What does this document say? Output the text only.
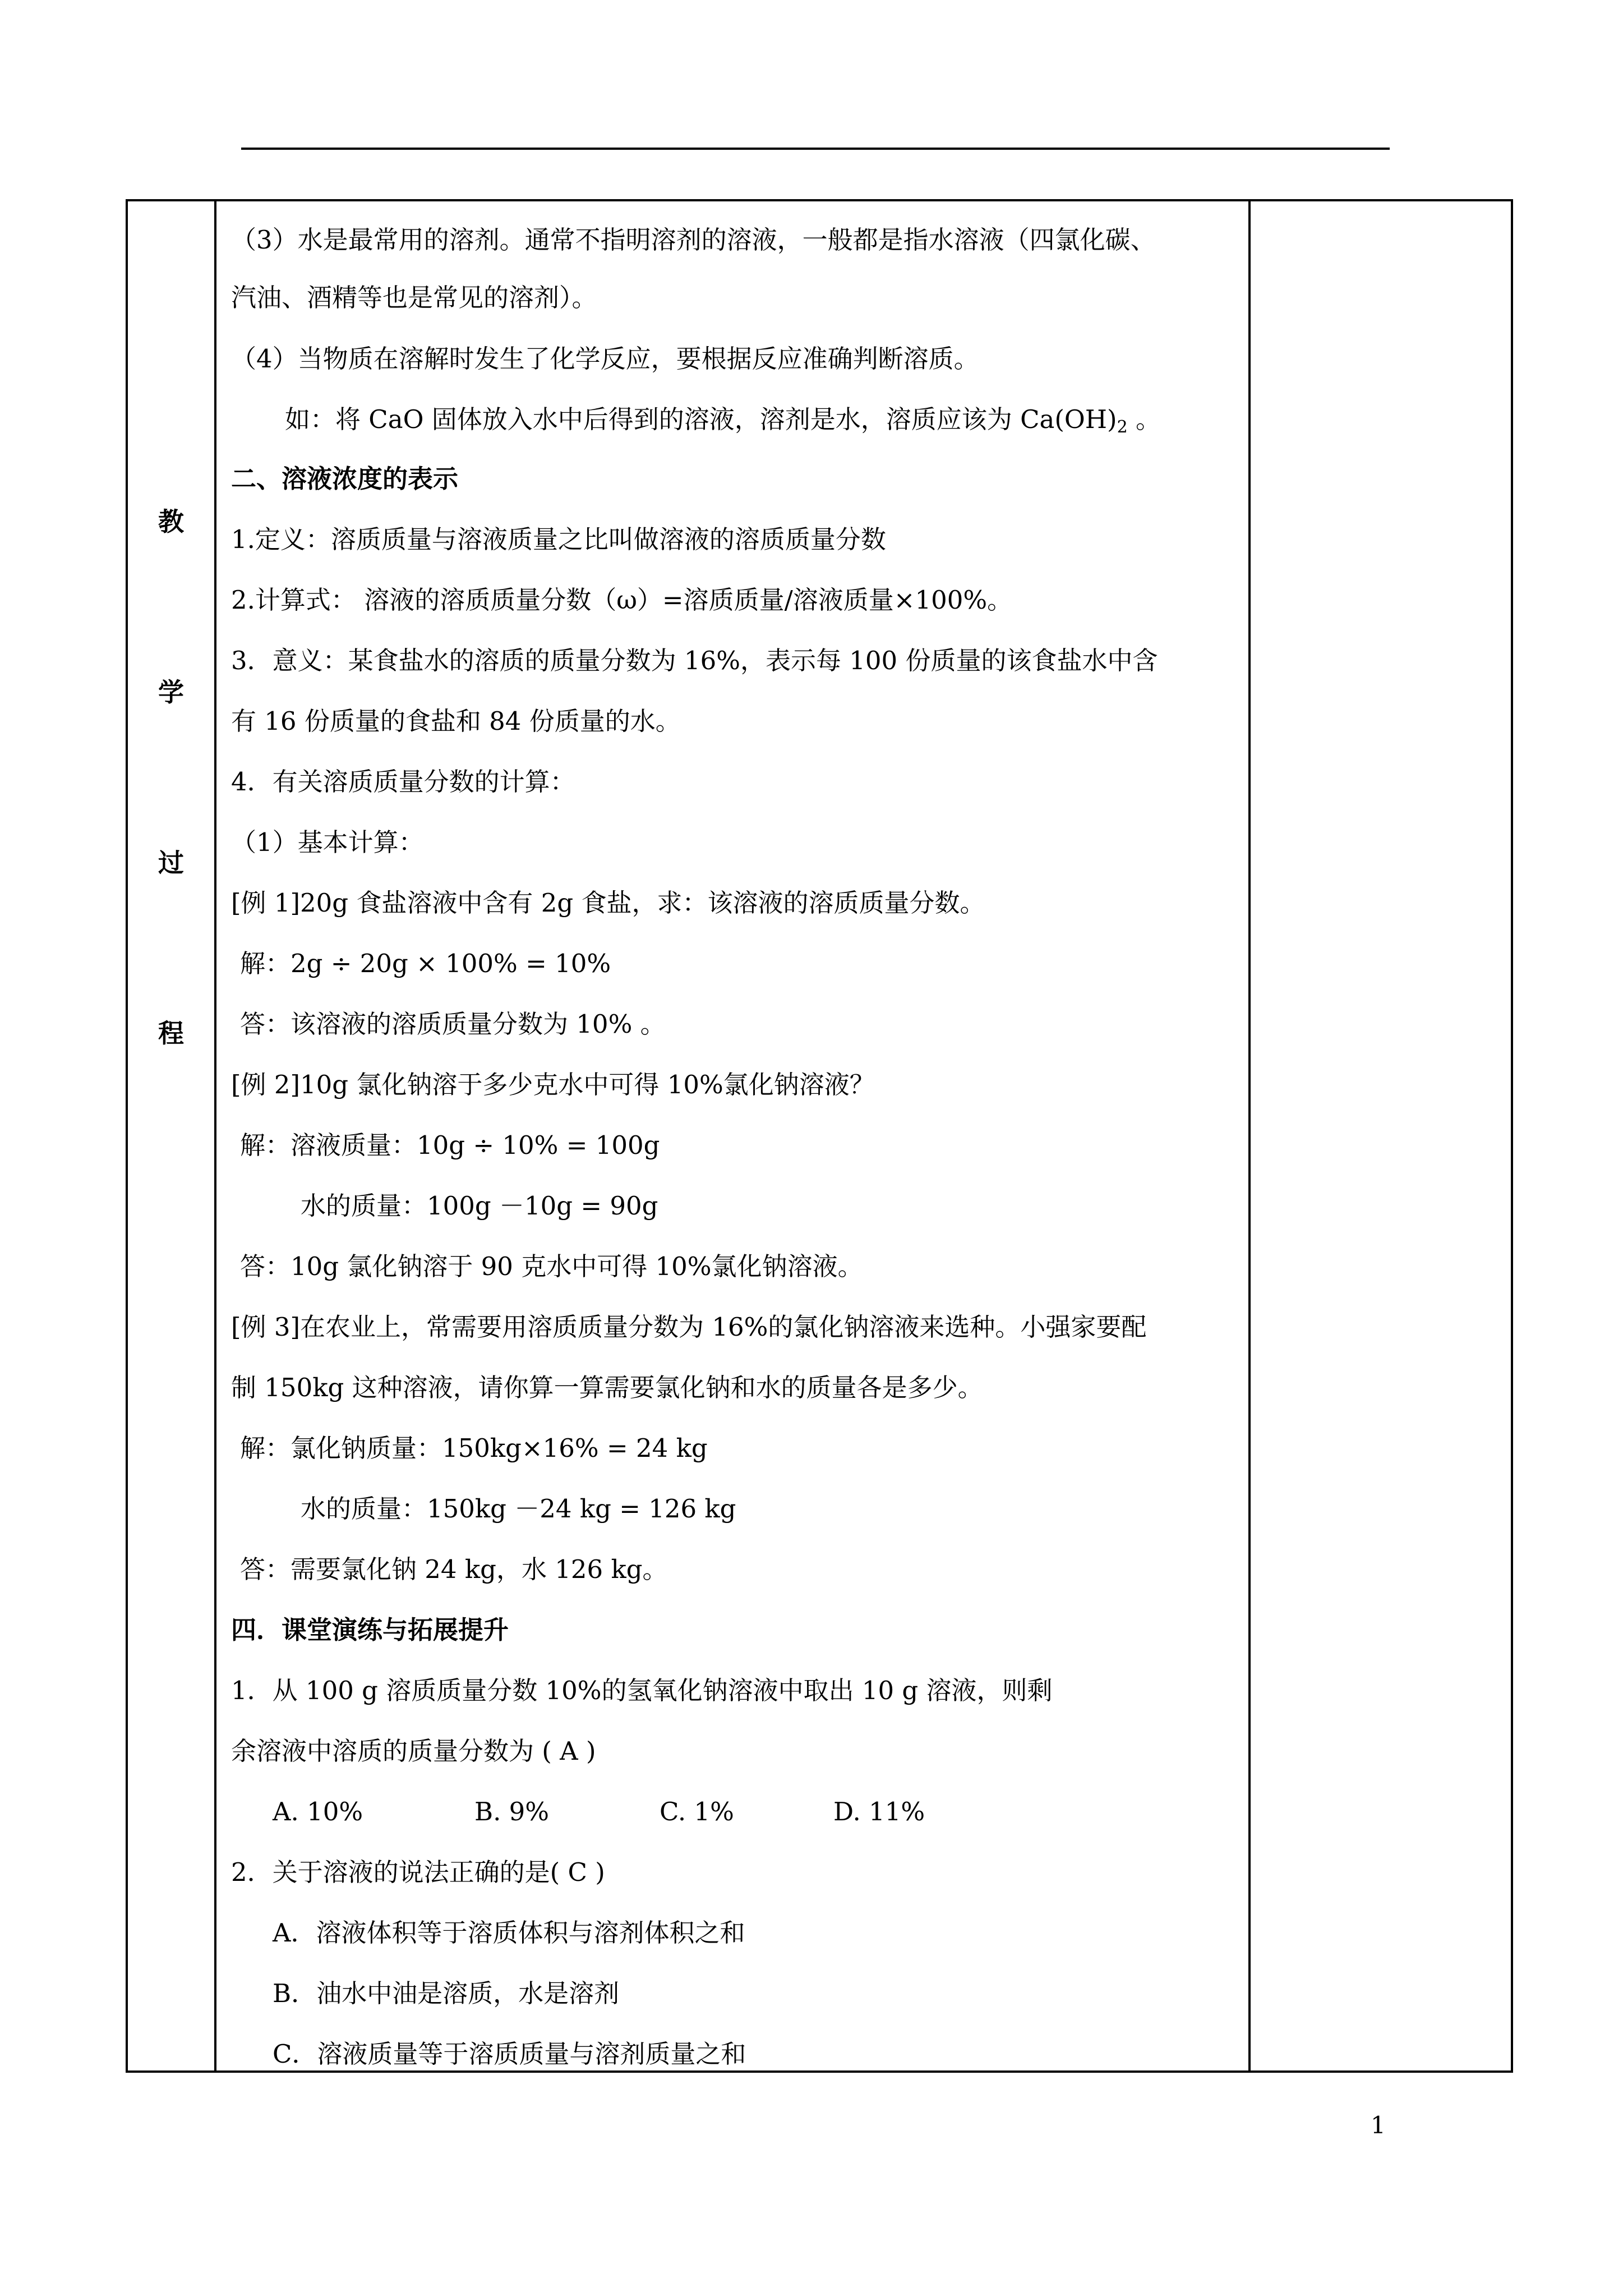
教
学
过
程
（3）水是最常用的溶剂。通常不指明溶剂的溶液，一般都是指水溶液（四氯化碳、
汽油、酒精等也是常见的溶剂）。
（4）当物质在溶解时发生了化学反应，要根据反应准确判断溶质。
如：将 CaO 固体放入水中后得到的溶液，溶剂是水，溶质应该为 $Ca(OH)_2$ 。
二、溶液浓度的表示
1.定义：溶质质量与溶液质量之比叫做溶液的溶质质量分数
2.计算式： 溶液的溶质质量分数（ω）=溶质质量/溶液质量×100%。
3．意义：某食盐水的溶质的质量分数为 16%，表示每 100 份质量的该食盐水中含
有 16 份质量的食盐和 84 份质量的水。
4．有关溶质质量分数的计算：
（1）基本计算：
[例 1]20g 食盐溶液中含有 2g 食盐，求：该溶液的溶质质量分数。
解：2g ÷ 20g × 100% = 10%
答：该溶液的溶质质量分数为 10% 。
[例 2]10g 氯化钠溶于多少克水中可得 10%氯化钠溶液？
解：溶液质量：10g ÷ 10% = 100g
水的质量：100g －10g = 90g
答：10g 氯化钠溶于 90 克水中可得 10%氯化钠溶液。
[例 3]在农业上，常需要用溶质质量分数为 16%的氯化钠溶液来选种。小强家要配
制 150kg 这种溶液，请你算一算需要氯化钠和水的质量各是多少。
解：氯化钠质量：150kg×16% = 24 kg
水的质量：150kg －24 kg = 126 kg
答：需要氯化钠 24 kg，水 126 kg。
四．课堂演练与拓展提升
1．从 100 g 溶质质量分数 10%的氢氧化钠溶液中取出 10 g 溶液，则剩
余溶液中溶质的质量分数为 ( A )
A. 10%	B. 9%	C. 1%	D. 11%
2．关于溶液的说法正确的是( C )
A．溶液体积等于溶质体积与溶剂体积之和
B．油水中油是溶质，水是溶剂
C．溶液质量等于溶质质量与溶剂质量之和
1
